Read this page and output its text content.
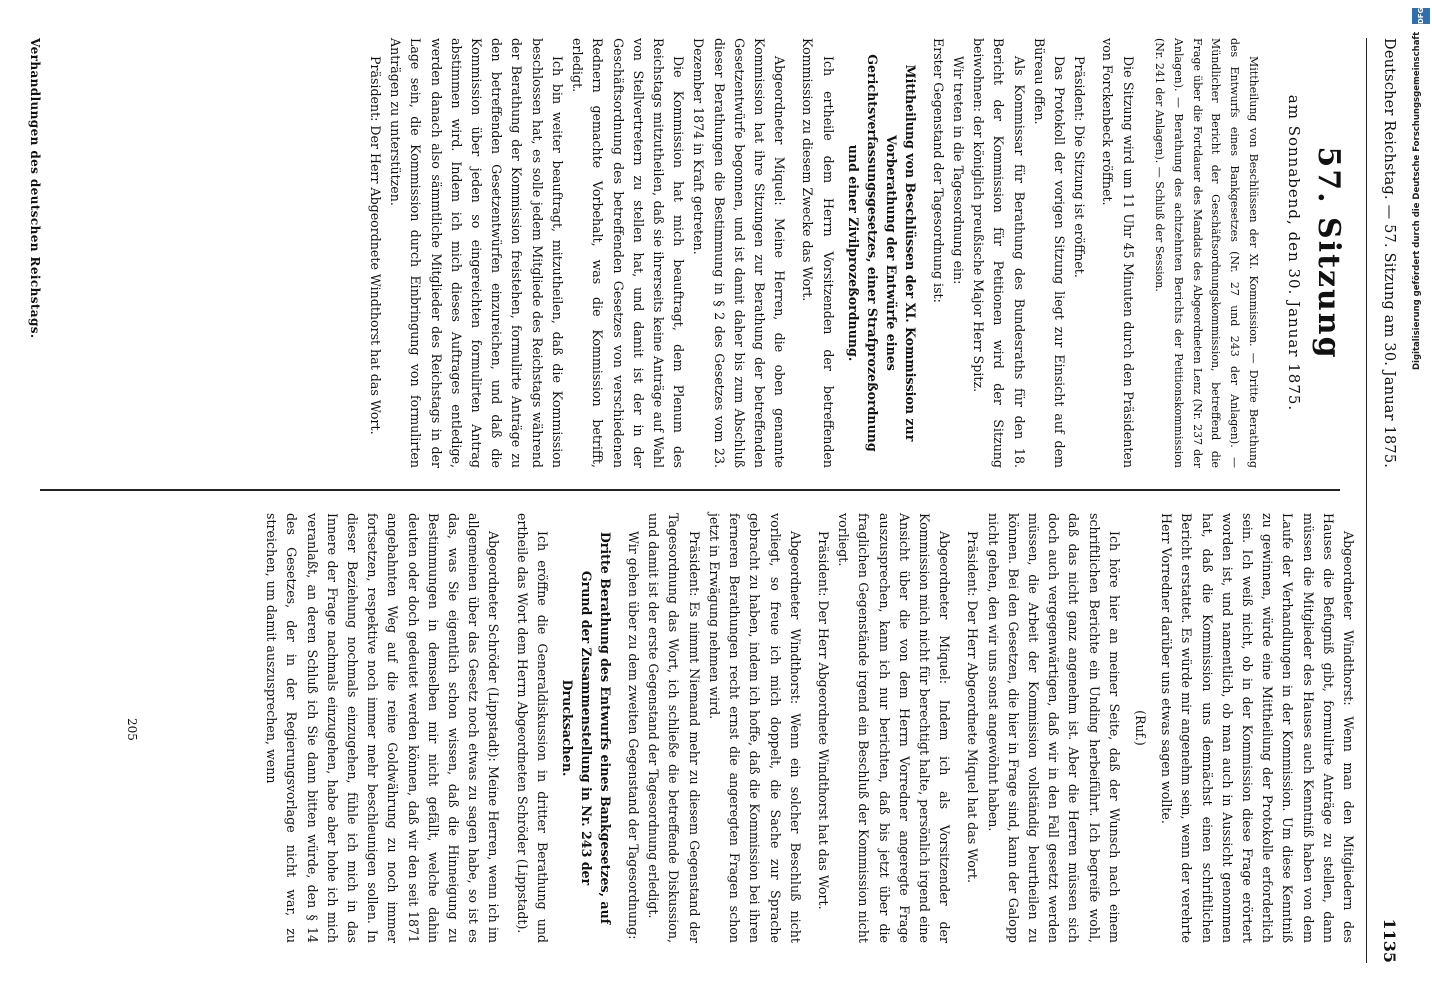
Deutscher Reichstag. — 57. Sitzung am 30. Januar 1875.
1135
57. Sitzung
am Sonnabend, den 30. Januar 1875.

Mittheilung von Beschlüssen der XI. Kommission. — Dritte Berathung des Entwurfs eines Bankgesetzes (Nr. 27 und 243 der Anlagen). — Mündlicher Bericht der Geschäftsordnungskommission, betreffend die Frage über die Fortdauer des Mandats des Abgeordneten Lenz (Nr. 237 der Anlagen). — Berathung des achtzehnten Berichts der Petitionskommission (Nr. 241 der Anlagen). — Schluß der Session.

Die Sitzung wird um 11 Uhr 45 Minuten durch den Präsidenten von Forckenbeck eröffnet.

Präsident: Die Sitzung ist eröffnet.

Das Protokoll der vorigen Sitzung liegt zur Einsicht auf dem Büreau offen.

Als Kommissar für Berathung des Bundesraths für den 18. Bericht der Kommission für Petitionen wird der Sitzung beiwohnen: der königlich preußische Major Herr Spitz.

Wir treten in die Tagesordnung ein:

Erster Gegenstand der Tagesordnung ist:

Mittheilung von Beschlüssen der XI. Kommission zur Vorberathung der Entwürfe eines Gerichtsverfassungsgesetzes, einer Strafprozeßordnung und einer Zivilprozeßordnung.

Ich ertheile dem Herrn Vorsitzenden der betreffenden Kommission zu diesem Zwecke das Wort.

Abgeordneter Miquel: Meine Herren, die oben genannte Kommission hat ihre Sitzungen zur Berathung der betreffenden Gesetzentwürfe begonnen, und ist damit daher bis zum Abschluß dieser Berathungen die Bestimmung in § 2 des Gesetzes vom 23. Dezember 1874 in Kraft getreten.

Die Kommission hat mich beauftragt, dem Plenum des Reichstags mitzutheilen, daß sie ihrerseits keine Anträge auf Wahl von Stellvertretern zu stellen hat, und damit ist der in der Geschäftsordnung des betreffenden Gesetzes von verschiedenen Rednern gemachte Vorbehalt, was die Kommission betrifft, erledigt.

Ich bin weiter beauftragt, mitzutheilen, daß die Kommission beschlossen hat, es solle jedem Mitgliede des Reichstags während der Berathung der Kommission freistehen, formulirte Anträge zu den betreffenden Gesetzentwürfen einzureichen, und daß die Kommission über jeden so eingereichten formulirten Antrag abstimmen wird. Indem ich mich dieses Auftrages entledige, werden danach also sämmtliche Mitglieder des Reichstags in der Lage sein, die Kommission durch Einbringung von formulirten Anträgen zu unterstützen.

Präsident: Der Herr Abgeordnete Windthorst hat das Wort.

Abgeordneter Windthorst: Wenn man den Mitgliedern des Hauses die Befugniß gibt, formulirte Anträge zu stellen, dann müssen die Mitglieder des Hauses auch Kenntniß haben von dem Laufe der Verhandlungen in der Kommission. Um diese Kenntniß zu gewinnen, würde eine Mittheilung der Protokolle erforderlich sein. Ich weiß nicht, ob in der Kommission diese Frage erörtert worden ist, und namentlich, ob man auch in Aussicht genommen hat, daß die Kommission uns demnächst einen schriftlichen Bericht erstattet. Es würde mir angenehm sein, wenn der verehrte Herr Vorredner darüber uns etwas sagen wollte.

(Ruf.)

Ich höre hier an meiner Seite, daß der Wunsch nach einem schriftlichen Berichte ein Unding herbeiführt. Ich begreife wohl, daß das nicht ganz angenehm ist. Aber die Herren müssen sich doch auch vergegenwärtigen, daß wir in den Fall gesetzt werden müssen, die Arbeit der Kommission vollständig beurtheilen zu können. Bei den Gesetzen, die hier in Frage sind, kann der Galopp nicht gehen, den wir uns sonst angewöhnt haben.

Präsident: Der Herr Abgeordnete Miquel hat das Wort.

Abgeordneter Miquel: Indem ich als Vorsitzender der Kommission mich nicht für berechtigt halte, persönlich irgend eine Ansicht über die von dem Herrn Vorredner angeregte Frage auszusprechen, kann ich nur berichten, daß bis jetzt über die fraglichen Gegenstände irgend ein Beschluß der Kommission nicht vorliegt.

Präsident: Der Herr Abgeordnete Windthorst hat das Wort.

Abgeordneter Windthorst: Wenn ein solcher Beschluß nicht vorliegt, so freue ich mich doppelt, die Sache zur Sprache gebracht zu haben, indem ich hoffe, daß die Kommission bei ihren ferneren Berathungen recht ernst die angeregten Fragen schon jetzt in Erwägung nehmen wird.

Präsident: Es nimmt Niemand mehr zu diesem Gegenstand der Tagesordnung das Wort, ich schließe die betreffende Diskussion, und damit ist der erste Gegenstand der Tagesordnung erledigt.

Wir gehen über zu dem zweiten Gegenstand der Tagesordnung:

Dritte Berathung des Entwurfs eines Bankgesetzes, auf Grund der Zusammenstellung in Nr. 243 der Drucksachen.

Ich eröffne die Generaldiskussion in dritter Berathung und ertheile das Wort dem Herrn Abgeordneten Schröder (Lippstadt).

Abgeordneter Schröder (Lippstadt): Meine Herren, wenn ich im allgemeinen über das Gesetz noch etwas zu sagen habe, so ist es das, was Sie eigentlich schon wissen, daß die Hinneigung zu Bestimmungen in demselben mir nicht gefällt, welche dahin deuten oder doch gedeutet werden können, daß wir den seit 1871 angebahnten Weg auf die reine Goldwährung zu noch immer fortsetzen, respektive noch immer mehr beschleunigen sollen. In dieser Beziehung nochmals einzugehen, fühle ich mich in das Innere der Frage nachmals einzugehen, habe aber hohe ich mich veranlaßt, an deren Schluß ich Sie dann bitten würde, den § 14 des Gesetzes, der in der Regierungsvorlage nicht war, zu streichen, um damit auszusprechen, wenn

205
Verhandlungen des deutschen Reichstags.
DFG
Digitalisierung gefördert durch die Deutsche Forschungsgemeinschaft
